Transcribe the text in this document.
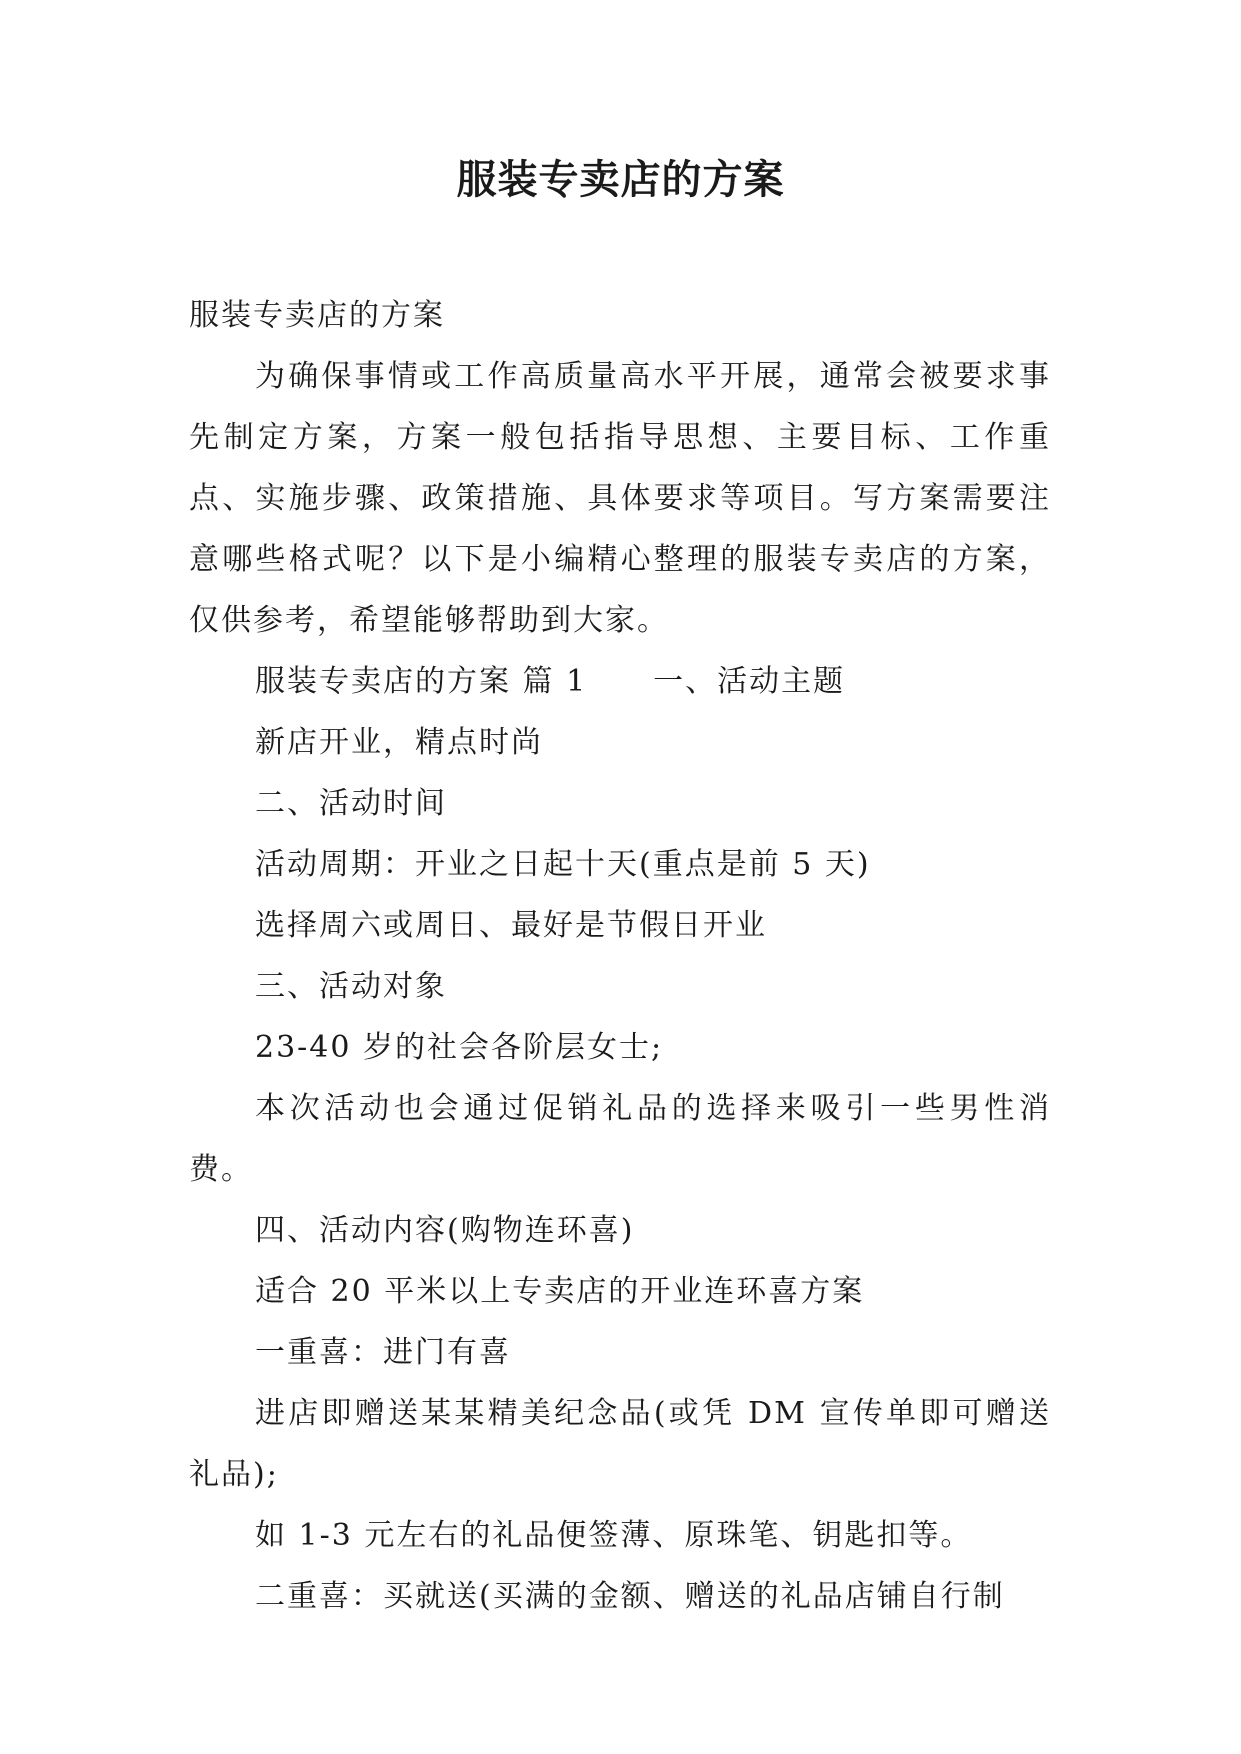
服装专卖店的方案

服装专卖店的方案

为确保事情或工作高质量高水平开展，通常会被要求事先制定方案，方案一般包括指导思想、主要目标、工作重点、实施步骤、政策措施、具体要求等项目。写方案需要注意哪些格式呢？以下是小编精心整理的服装专卖店的方案，仅供参考，希望能够帮助到大家。

服装专卖店的方案 篇 1 一、活动主题

新店开业，精点时尚

二、活动时间

活动周期：开业之日起十天(重点是前 5 天)

选择周六或周日、最好是节假日开业

三、活动对象

23-40 岁的社会各阶层女士;

本次活动也会通过促销礼品的选择来吸引一些男性消费。

四、活动内容(购物连环喜)

适合 20 平米以上专卖店的开业连环喜方案

一重喜：进门有喜

进店即赠送某某精美纪念品(或凭 DM 宣传单即可赠送礼品);

如 1-3 元左右的礼品便签薄、原珠笔、钥匙扣等。

二重喜：买就送(买满的金额、赠送的礼品店铺自行制
